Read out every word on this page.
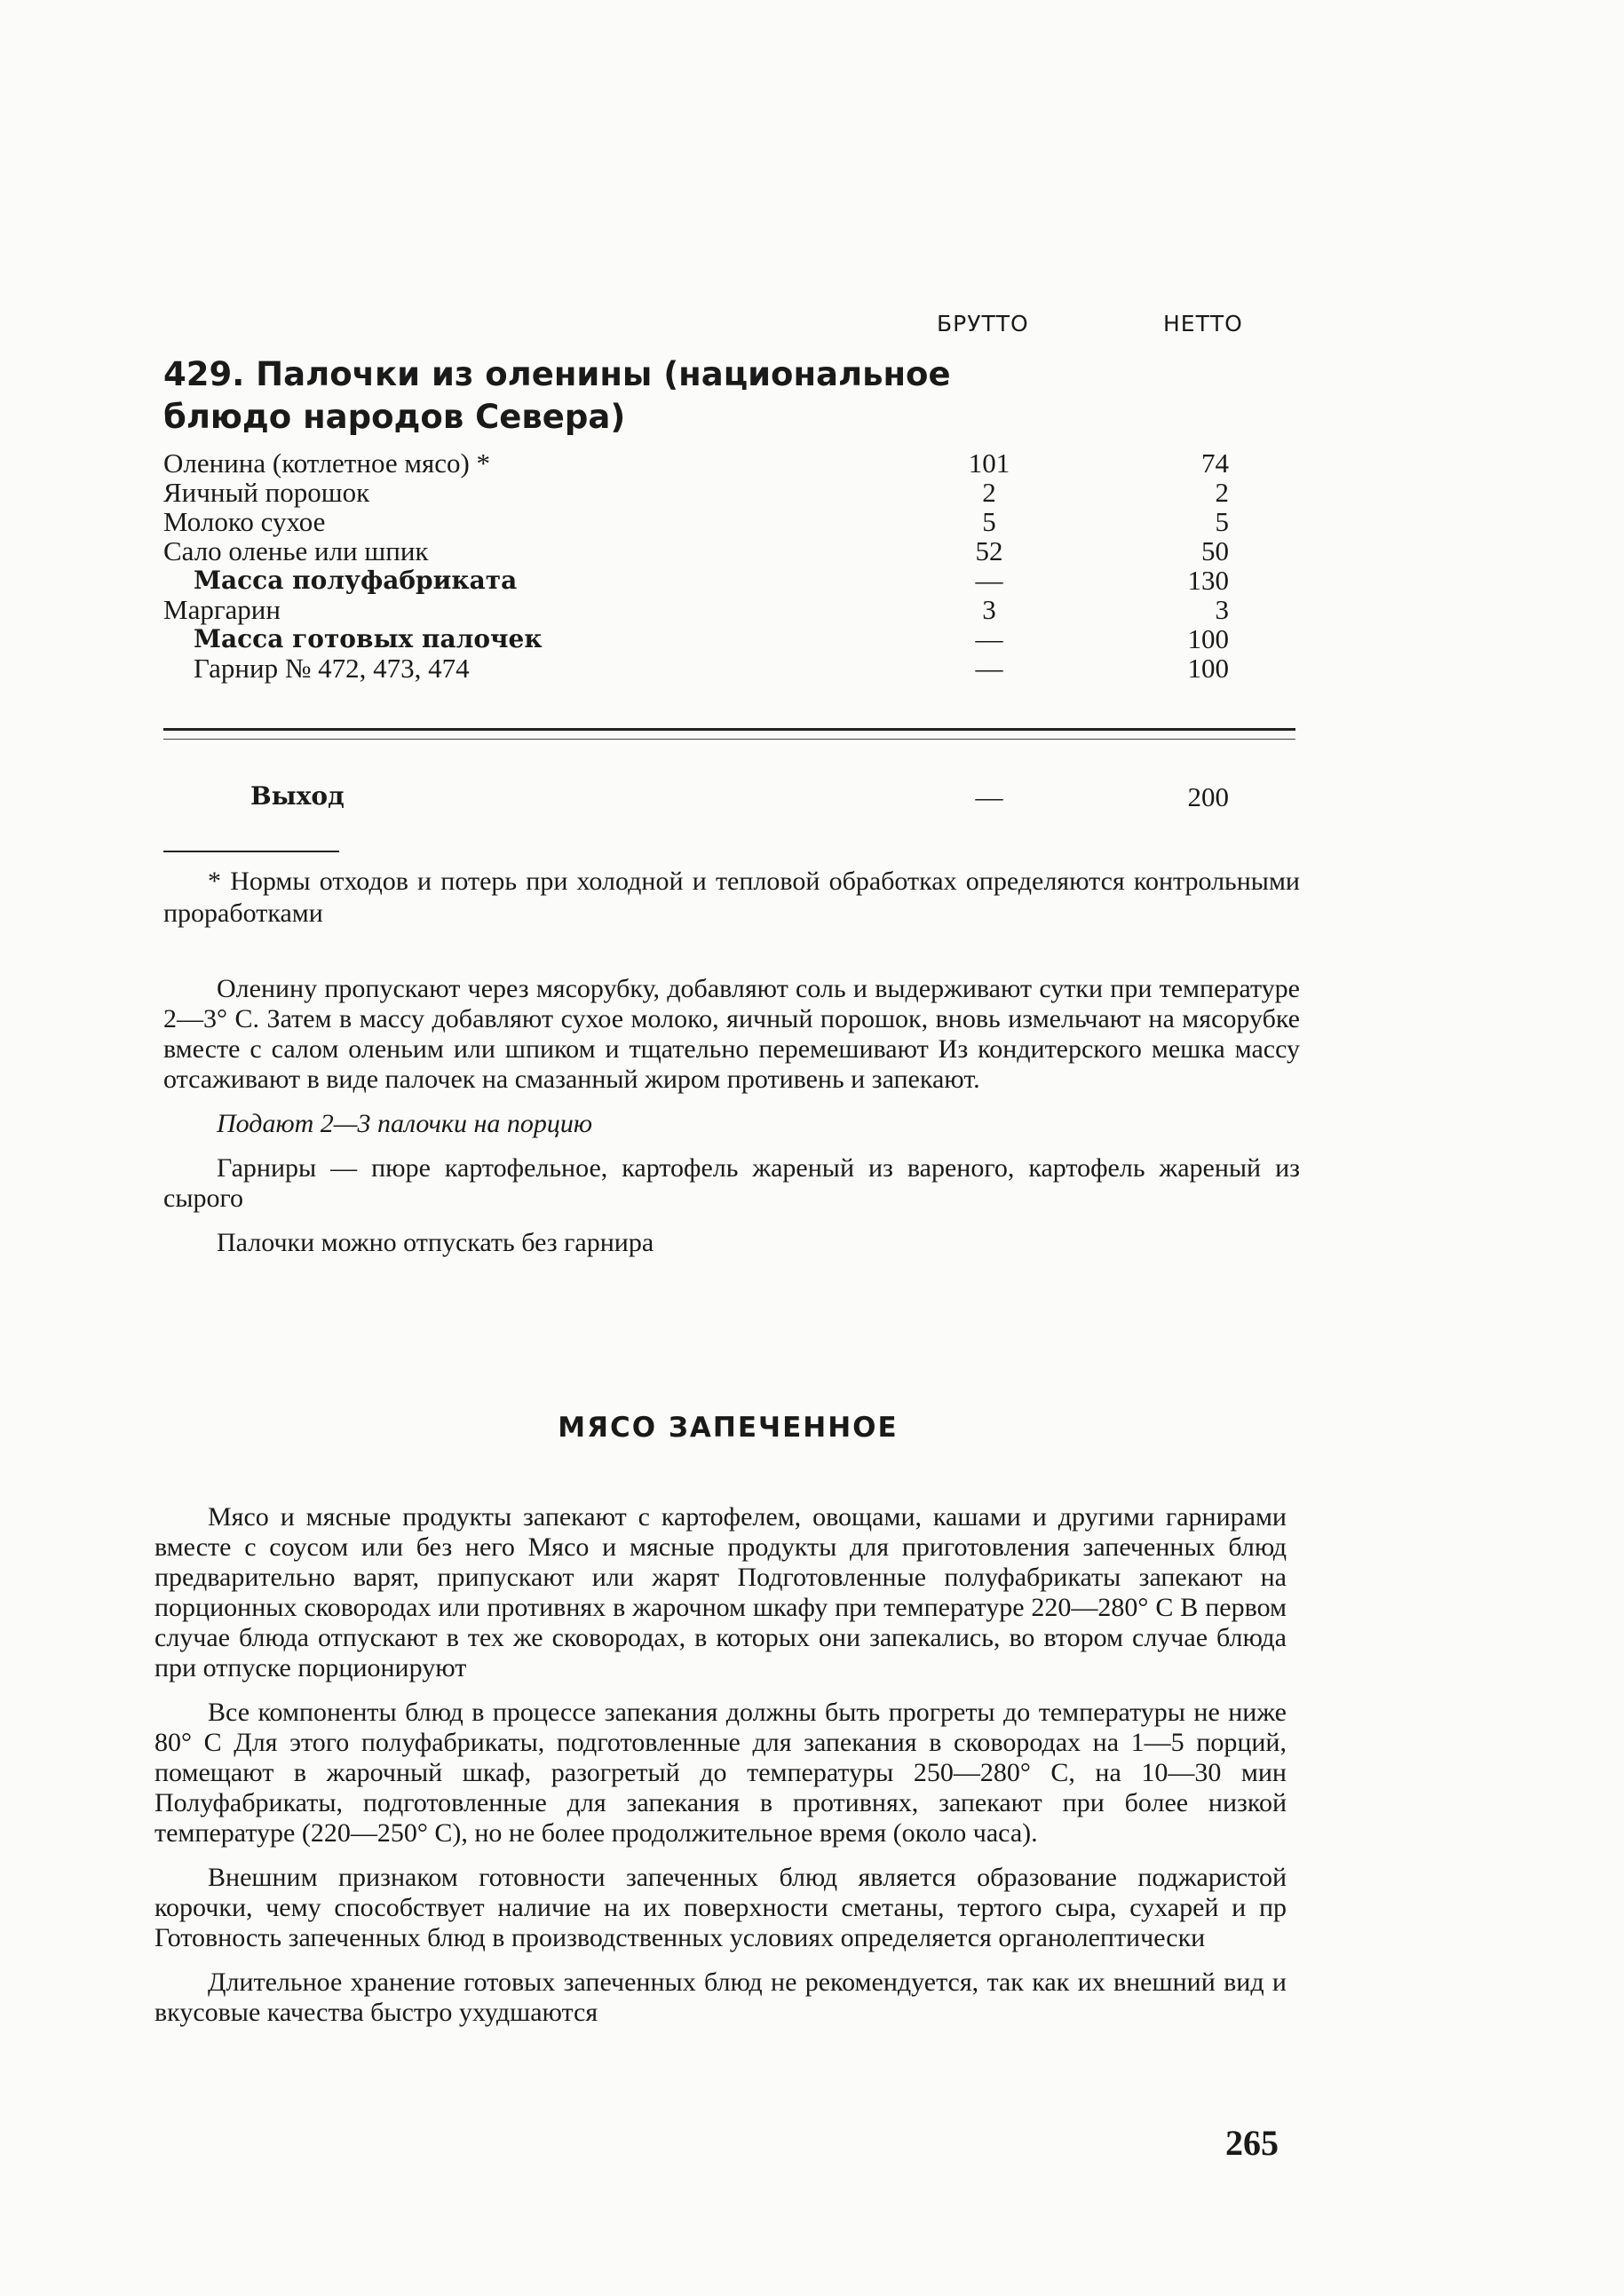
БРУТТО	НЕТТО
429. Палочки из оленины (национальное блюдо народов Севера)
Оленина (котлетное мясо) *	101	74
Яичный порошок	2	2
Молоко сухое	5	5
Сало оленье или шпик	52	50
Масса полуфабриката	—	130
Маргарин	3	3
Масса готовых палочек	—	100
Гарнир № 472, 473, 474	—	100
Выход	—	200

* Нормы отходов и потерь при холодной и тепловой обработках определяются контрольными проработками

Оленину пропускают через мясорубку, добавляют соль и выдерживают сутки при температуре 2—3° С. Затем в массу добавляют сухое молоко, яичный порошок, вновь измельчают на мясорубке вместе с салом оленьим или шпиком и тщательно перемешивают Из кондитерского мешка массу отсаживают в виде палочек на смазанный жиром противень и запекают.

Подают 2—3 палочки на порцию

Гарниры — пюре картофельное, картофель жареный из вареного, картофель жареный из сырого

Палочки можно отпускать без гарнира

МЯСО ЗАПЕЧЕННОЕ

Мясо и мясные продукты запекают с картофелем, овощами, кашами и другими гарнирами вместе с соусом или без него Мясо и мясные продукты для приготовления запеченных блюд предварительно варят, припускают или жарят Подготовленные полуфабрикаты запекают на порционных сковородах или противнях в жарочном шкафу при температуре 220—280° С В первом случае блюда отпускают в тех же сковородах, в которых они запекались, во втором случае блюда при отпуске порционируют

Все компоненты блюд в процессе запекания должны быть прогреты до температуры не ниже 80° С Для этого полуфабрикаты, подготовленные для запекания в сковородах на 1—5 порций, помещают в жарочный шкаф, разогретый до температуры 250—280° С, на 10—30 мин Полуфабрикаты, подготовленные для запекания в противнях, запекают при более низкой температуре (220—250° С), но не более продолжительное время (около часа).

Внешним признаком готовности запеченных блюд является образование поджаристой корочки, чему способствует наличие на их поверхности сметаны, тертого сыра, сухарей и пр Готовность запеченных блюд в производственных условиях определяется органолептически

Длительное хранение готовых запеченных блюд не рекомендуется, так как их внешний вид и вкусовые качества быстро ухудшаются

265
